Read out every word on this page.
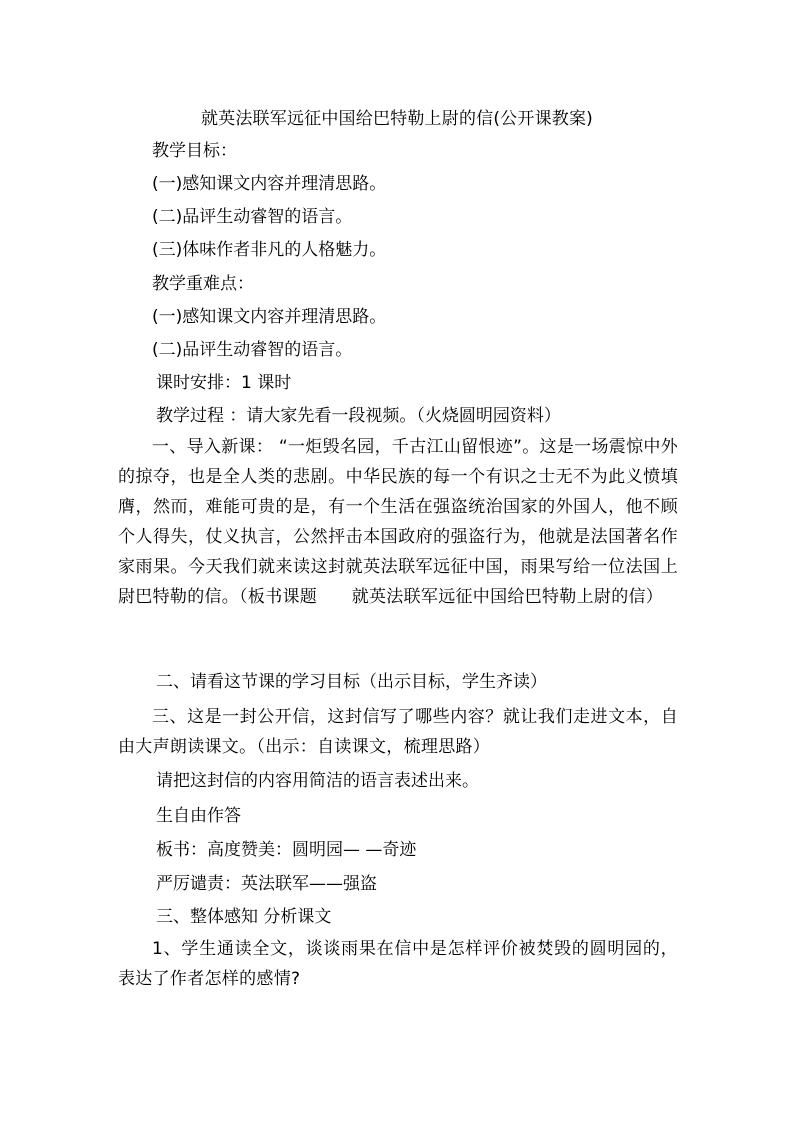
就英法联军远征中国给巴特勒上尉的信(公开课教案)
教学目标：
(一)感知课文内容并理清思路。
(二)品评生动睿智的语言。
(三)体味作者非凡的人格魅力。
教学重难点：
(一)感知课文内容并理清思路。
(二)品评生动睿智的语言。
课时安排：1 课时
教学过程 ：请大家先看一段视频。（火烧圆明园资料）
一、导入新课： “一炬毁名园，千古江山留恨迹”。这是一场震惊中外的掠夺，也是全人类的悲剧。中华民族的每一个有识之士无不为此义愤填膺，然而，难能可贵的是，有一个生活在强盗统治国家的外国人，他不顾个人得失，仗义执言，公然抨击本国政府的强盗行为，他就是法国著名作家雨果。今天我们就来读这封就英法联军远征中国，雨果写给一位法国上尉巴特勒的信。（板书课题　　就英法联军远征中国给巴特勒上尉的信）
二、请看这节课的学习目标（出示目标，学生齐读）
三、这是一封公开信，这封信写了哪些内容？就让我们走进文本，自由大声朗读课文。（出示：自读课文，梳理思路）
请把这封信的内容用简洁的语言表述出来。
生自由作答
板书：高度赞美：圆明园— —奇迹
严厉谴责：英法联军——强盗
三、整体感知 分析课文
1、学生通读全文，谈谈雨果在信中是怎样评价被焚毁的圆明园的，表达了作者怎样的感情?
